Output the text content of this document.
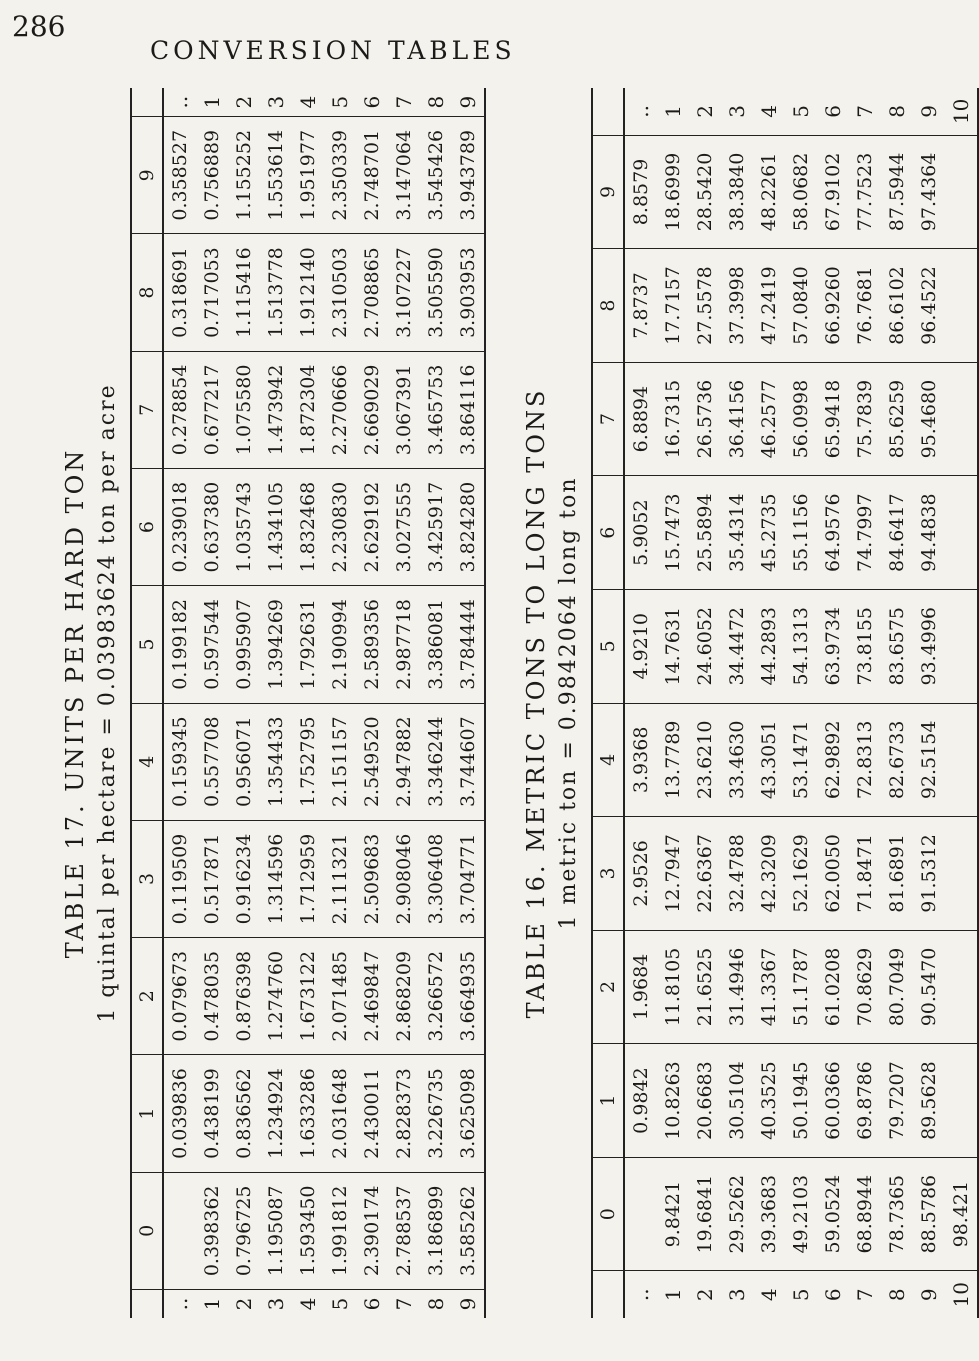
286
CONVERSION TABLES
TABLE 17. UNITS PER HARD TON 1 quintal per hectare = 0.03983624 ton per acre
	0	1	2	3	4	5	6	7	8	9	
..		0.039836	0.079673	0.119509	0.159345	0.199182	0.239018	0.278854	0.318691	0.358527	..
1	0.398362	0.438199	0.478035	0.517871	0.557708	0.597544	0.637380	0.677217	0.717053	0.756889	1
2	0.796725	0.836562	0.876398	0.916234	0.956071	0.995907	1.035743	1.075580	1.115416	1.155252	2
3	1.195087	1.234924	1.274760	1.314596	1.354433	1.394269	1.434105	1.473942	1.513778	1.553614	3
4	1.593450	1.633286	1.673122	1.712959	1.752795	1.792631	1.832468	1.872304	1.912140	1.951977	4
5	1.991812	2.031648	2.071485	2.111321	2.151157	2.190994	2.230830	2.270666	2.310503	2.350339	5
6	2.390174	2.430011	2.469847	2.509683	2.549520	2.589356	2.629192	2.669029	2.708865	2.748701	6
7	2.788537	2.828373	2.868209	2.908046	2.947882	2.987718	3.027555	3.067391	3.107227	3.147064	7
8	3.186899	3.226735	3.266572	3.306408	3.346244	3.386081	3.425917	3.465753	3.505590	3.545426	8
9	3.585262	3.625098	3.664935	3.704771	3.744607	3.784444	3.824280	3.864116	3.903953	3.943789	9
TABLE 16. METRIC TONS TO LONG TONS 1 metric ton = 0.9842064 long ton
	0	1	2	3	4	5	6	7	8	9	
..		0.9842	1.9684	2.9526	3.9368	4.9210	5.9052	6.8894	7.8737	8.8579	..
1	9.8421	10.8263	11.8105	12.7947	13.7789	14.7631	15.7473	16.7315	17.7157	18.6999	1
2	19.6841	20.6683	21.6525	22.6367	23.6210	24.6052	25.5894	26.5736	27.5578	28.5420	2
3	29.5262	30.5104	31.4946	32.4788	33.4630	34.4472	35.4314	36.4156	37.3998	38.3840	3
4	39.3683	40.3525	41.3367	42.3209	43.3051	44.2893	45.2735	46.2577	47.2419	48.2261	4
5	49.2103	50.1945	51.1787	52.1629	53.1471	54.1313	55.1156	56.0998	57.0840	58.0682	5
6	59.0524	60.0366	61.0208	62.0050	62.9892	63.9734	64.9576	65.9418	66.9260	67.9102	6
7	68.8944	69.8786	70.8629	71.8471	72.8313	73.8155	74.7997	75.7839	76.7681	77.7523	7
8	78.7365	79.7207	80.7049	81.6891	82.6733	83.6575	84.6417	85.6259	86.6102	87.5944	8
9	88.5786	89.5628	90.5470	91.5312	92.5154	93.4996	94.4838	95.4680	96.4522	97.4364	9
10	98.421										10
